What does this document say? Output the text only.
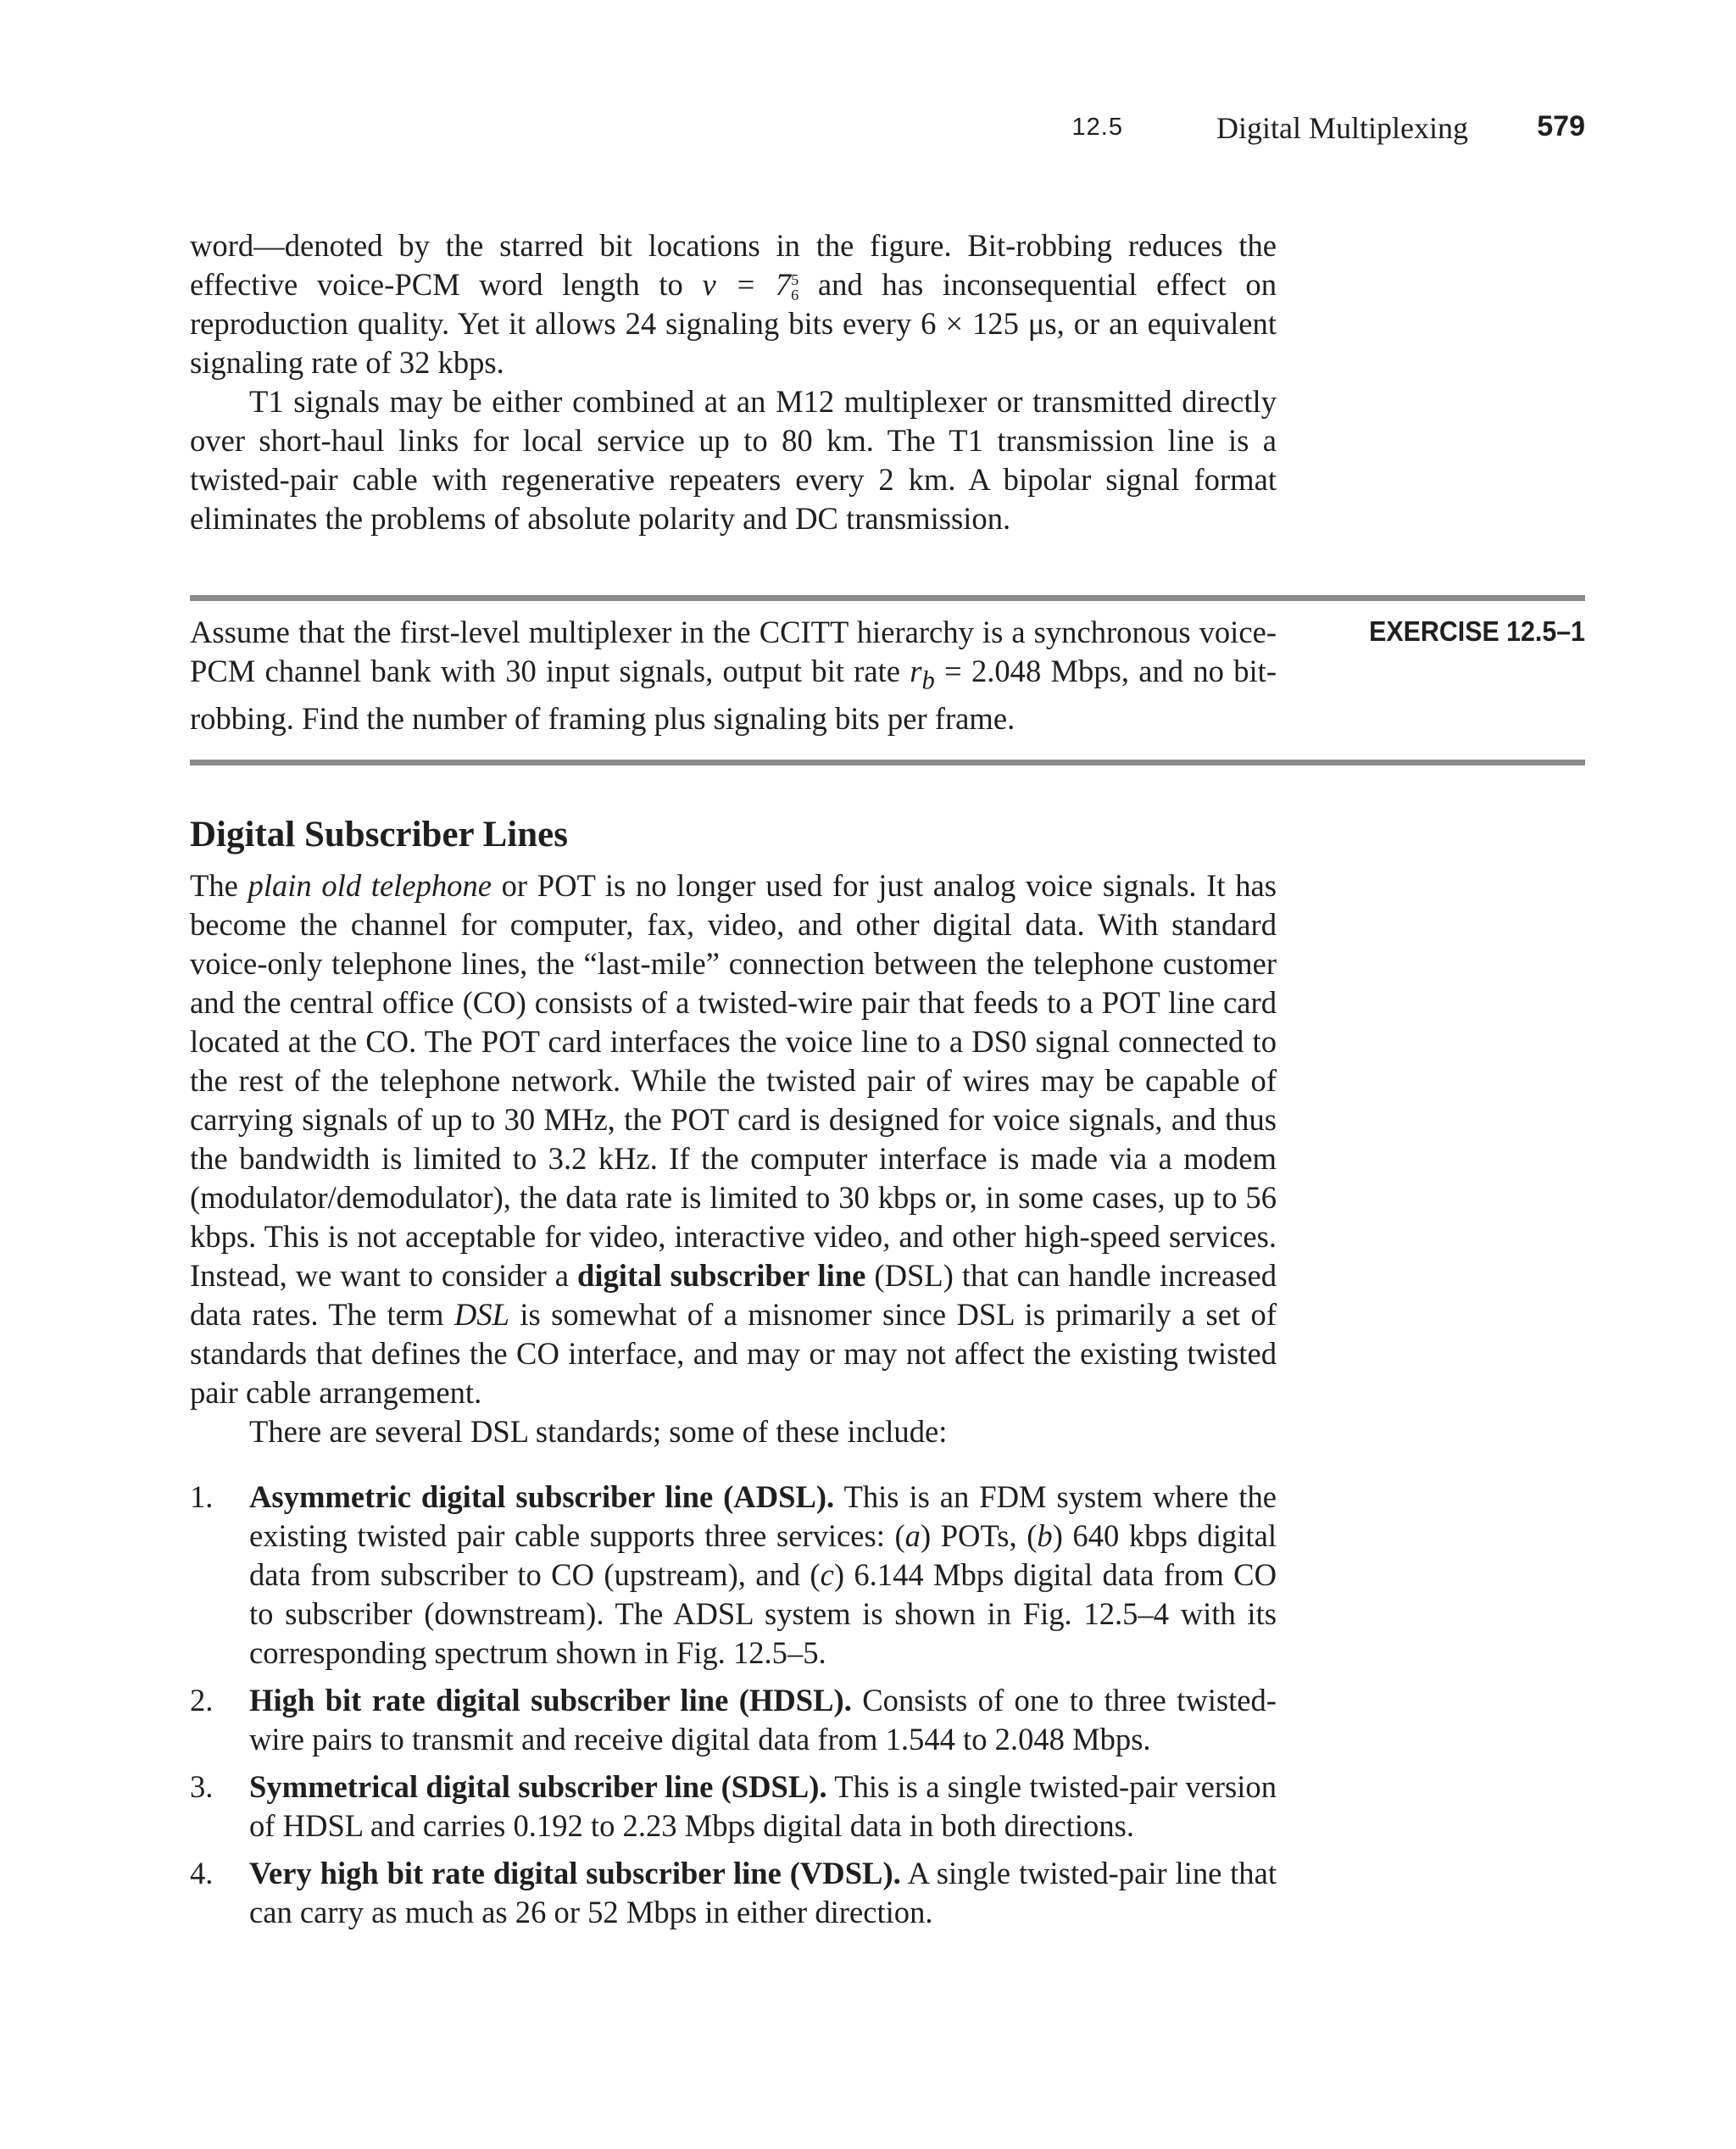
12.5	Digital Multiplexing 579

word—denoted by the starred bit locations in the figure. Bit-robbing reduces the effective voice-PCM word length to ν = 7 5
6 and has inconsequential effect on reproduction quality. Yet it allows 24 signaling bits every 6 × 125 μs, or an equivalent signaling rate of 32 kbps.

T1 signals may be either combined at an M12 multiplexer or transmitted directly over short-haul links for local service up to 80 km. The T1 transmission line is a twisted-pair cable with regenerative repeaters every 2 km. A bipolar signal format eliminates the problems of absolute polarity and DC transmission.

Assume that the first-level multiplexer in the CCITT hierarchy is a synchronous voice-PCM channel bank with 30 input signals, output bit rate $r_b = 2.048$ Mbps, and no bit-robbing. Find the number of framing plus signaling bits per frame.

EXERCISE 12.5–1
Digital Subscriber Lines

The plain old telephone or POT is no longer used for just analog voice signals. It has become the channel for computer, fax, video, and other digital data. With standard voice-only telephone lines, the “last-mile” connection between the telephone customer and the central office (CO) consists of a twisted-wire pair that feeds to a POT line card located at the CO. The POT card interfaces the voice line to a DS0 signal connected to the rest of the telephone network. While the twisted pair of wires may be capable of carrying signals of up to 30 MHz, the POT card is designed for voice signals, and thus the bandwidth is limited to 3.2 kHz. If the computer interface is made via a modem (modulator/demodulator), the data rate is limited to 30 kbps or, in some cases, up to 56 kbps. This is not acceptable for video, interactive video, and other high-speed services. Instead, we want to consider a digital subscriber line (DSL) that can handle increased data rates. The term DSL is somewhat of a misnomer since DSL is primarily a set of standards that defines the CO interface, and may or may not affect the existing twisted pair cable arrangement.

There are several DSL standards; some of these include:

1. Asymmetric digital subscriber line (ADSL). This is an FDM system where the existing twisted pair cable supports three services: (a) POTs, (b) 640 kbps digital data from subscriber to CO (upstream), and (c) 6.144 Mbps digital data from CO to subscriber (downstream). The ADSL system is shown in Fig. 12.5–4 with its corresponding spectrum shown in Fig. 12.5–5.
2. High bit rate digital subscriber line (HDSL). Consists of one to three twisted-wire pairs to transmit and receive digital data from 1.544 to 2.048 Mbps.
3. Symmetrical digital subscriber line (SDSL). This is a single twisted-pair version of HDSL and carries 0.192 to 2.23 Mbps digital data in both directions.
4. Very high bit rate digital subscriber line (VDSL). A single twisted-pair line that can carry as much as 26 or 52 Mbps in either direction.
